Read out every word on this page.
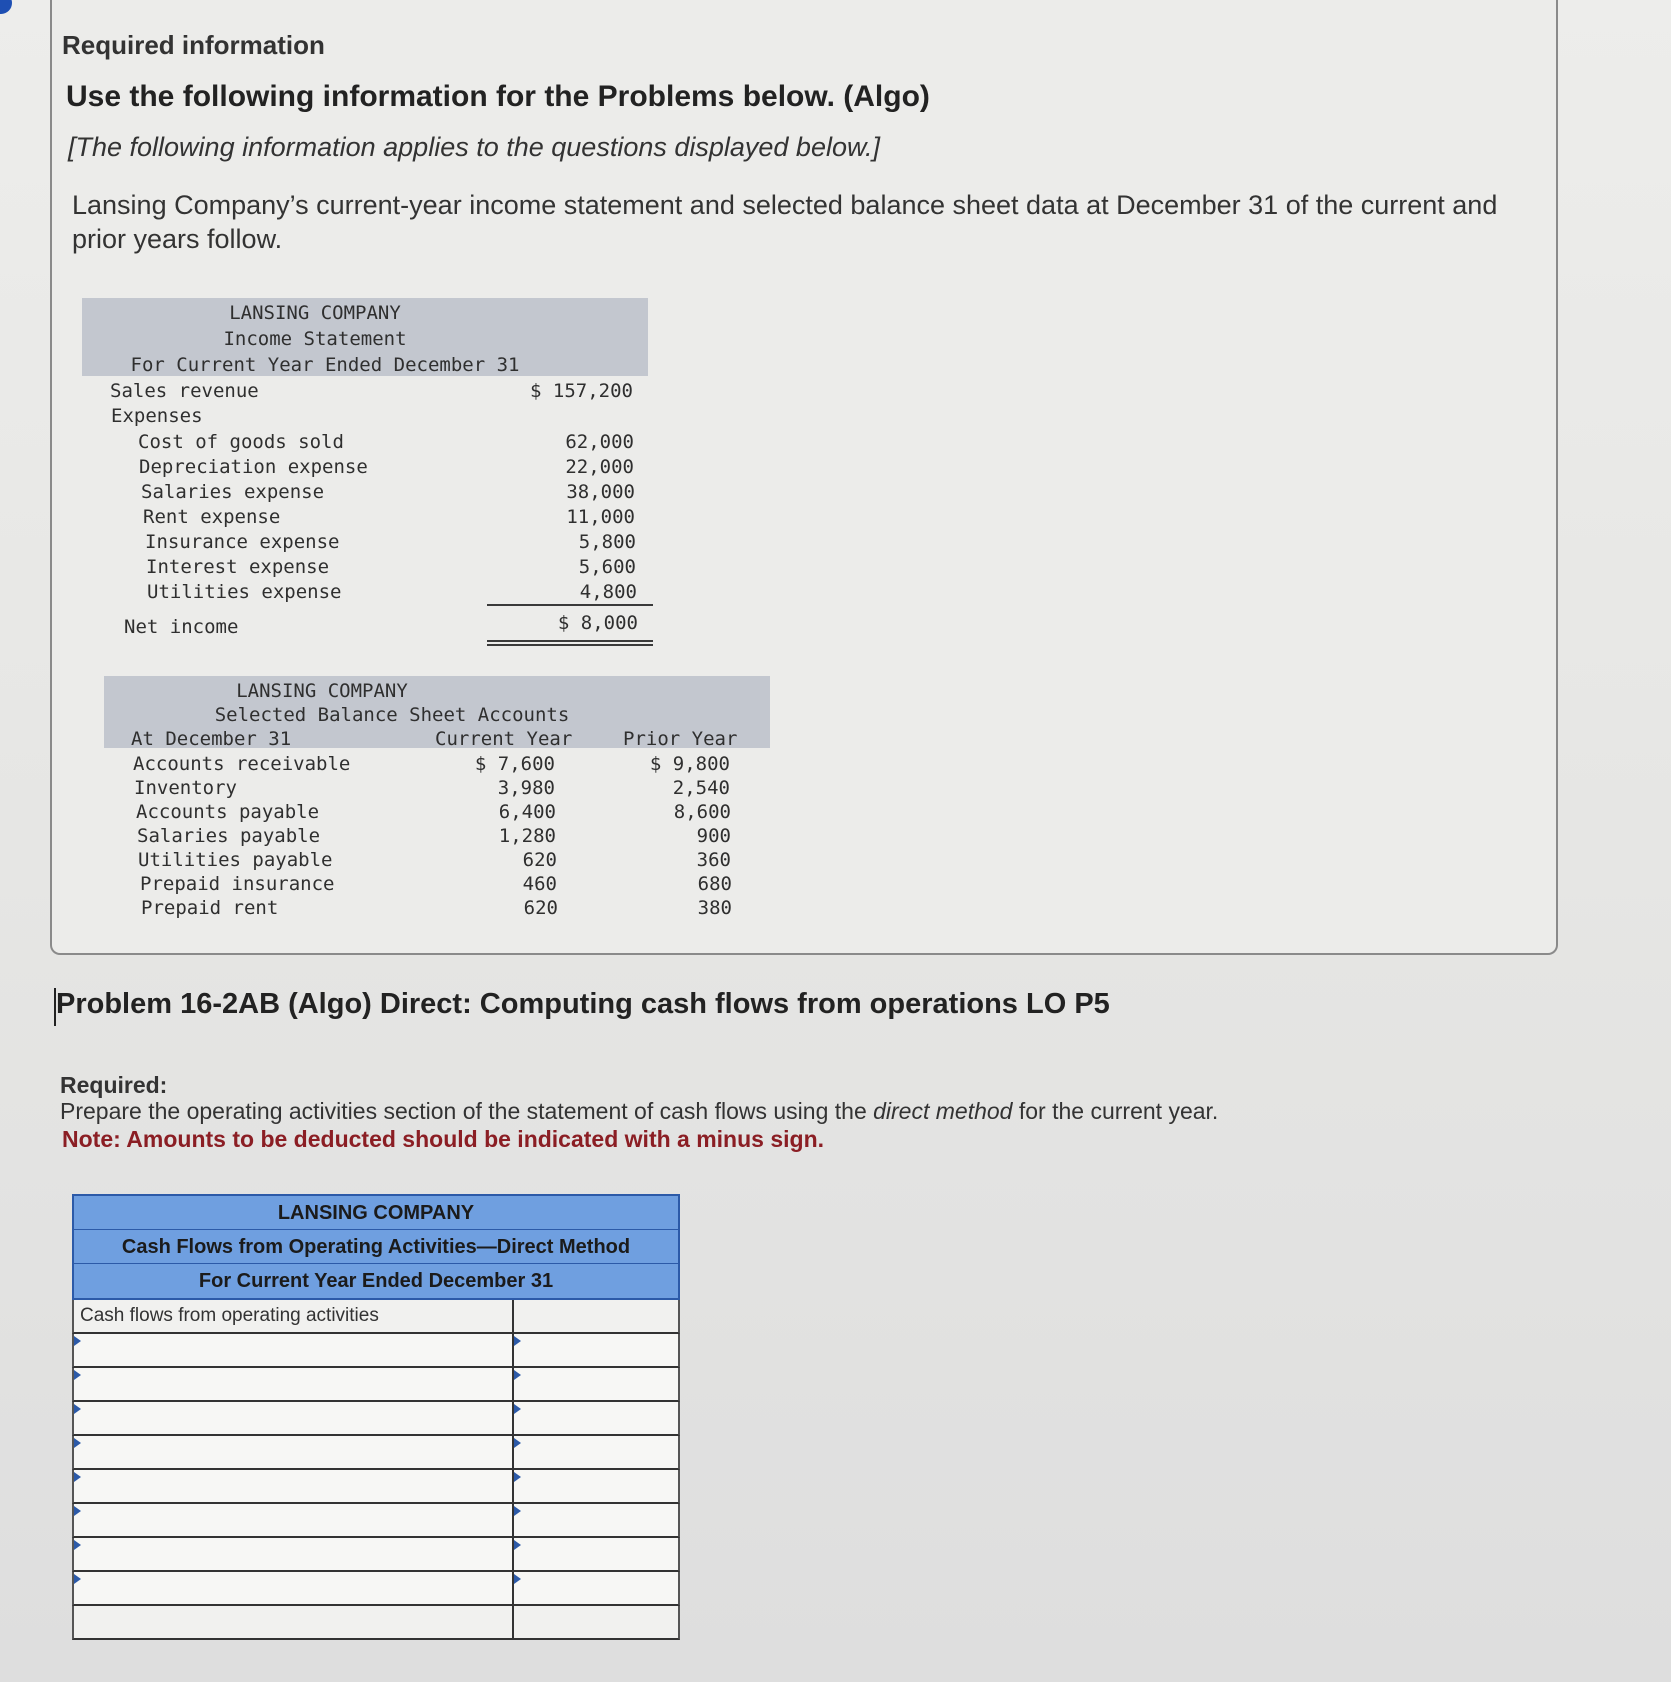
Required information
Use the following information for the Problems below. (Algo)
[The following information applies to the questions displayed below.]
Lansing Company’s current-year income statement and selected balance sheet data at December 31 of the current and prior years follow.
LANSING COMPANY
Income Statement
For Current Year Ended December 31
Sales revenue	$ 157,200
Expenses
Cost of goods sold	62,000
Depreciation expense	22,000
Salaries expense	38,000
Rent expense	11,000
Insurance expense	5,800
Interest expense	5,600
Utilities expense	4,800
Net income	$ 8,000
LANSING COMPANY
Selected Balance Sheet Accounts
At December 31	Current Year	Prior Year
Accounts receivable	$ 7,600	$ 9,800
Inventory	3,980	2,540
Accounts payable	6,400	8,600
Salaries payable	1,280	900
Utilities payable	620	360
Prepaid insurance	460	680
Prepaid rent	620	380
Problem 16-2AB (Algo) Direct: Computing cash flows from operations LO P5
Required:
Prepare the operating activities section of the statement of cash flows using the direct method for the current year.
Note: Amounts to be deducted should be indicated with a minus sign.
LANSING COMPANY
Cash Flows from Operating Activities—Direct Method
For Current Year Ended December 31
Cash flows from operating activities
